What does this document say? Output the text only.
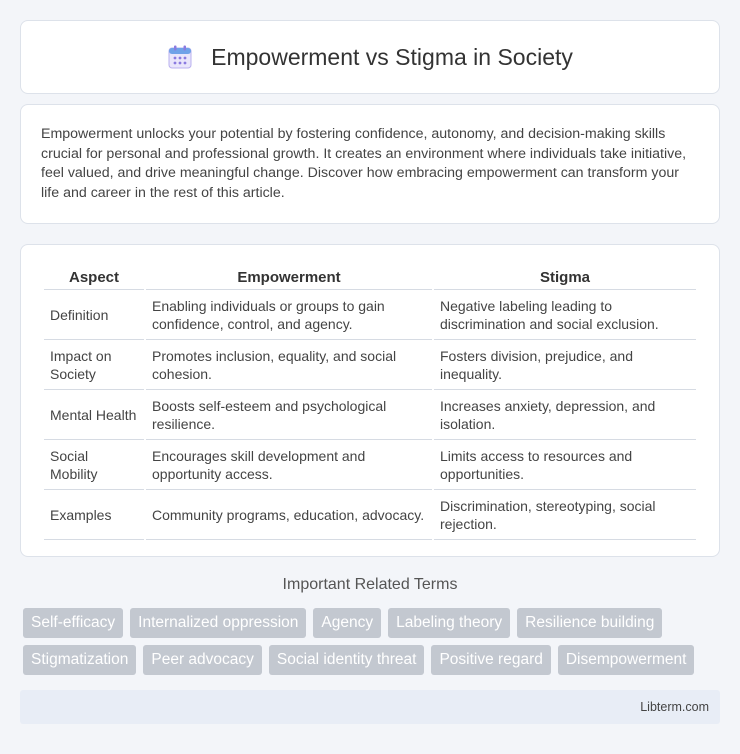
Empowerment vs Stigma in Society

Empowerment unlocks your potential by fostering confidence, autonomy, and decision-making skills crucial for personal and professional growth. It creates an environment where individuals take initiative, feel valued, and drive meaningful change. Discover how embracing empowerment can transform your life and career in the rest of this article.

Aspect	Empowerment	Stigma
Definition	Enabling individuals or groups to gain confidence, control, and agency.	Negative labeling leading to discrimination and social exclusion.
Impact on Society	Promotes inclusion, equality, and social cohesion.	Fosters division, prejudice, and inequality.
Mental Health	Boosts self-esteem and psychological resilience.	Increases anxiety, depression, and isolation.
Social Mobility	Encourages skill development and opportunity access.	Limits access to resources and opportunities.
Examples	Community programs, education, advocacy.	Discrimination, stereotyping, social rejection.
Important Related Terms
Self-efficacy	Internalized oppression	Agency	Labeling theory	Resilience building
Stigmatization	Peer advocacy	Social identity threat	Positive regard	Disempowerment
Libterm.com
